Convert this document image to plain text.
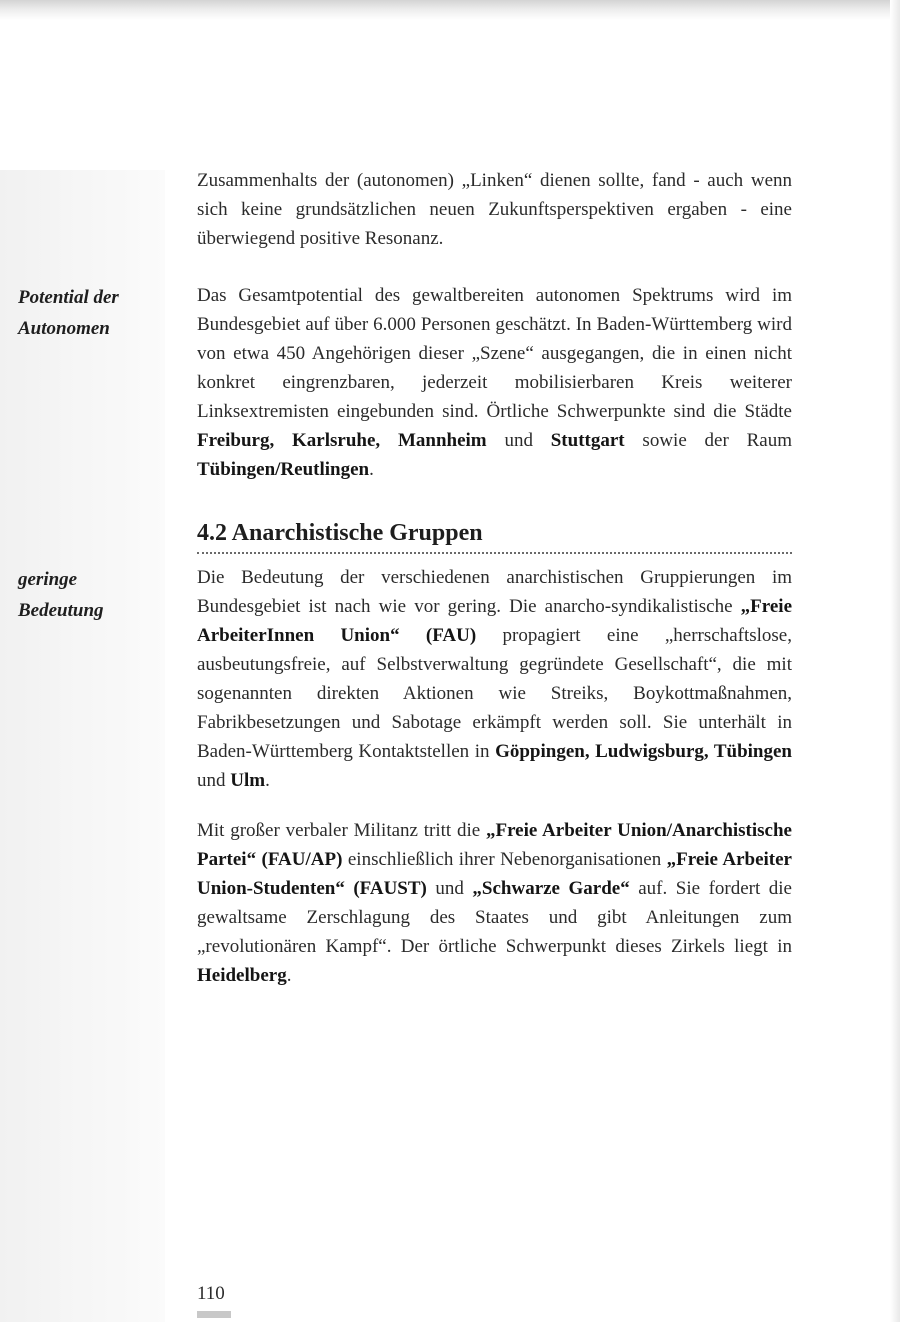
Zusammenhalts der (autonomen) „Linken“ dienen sollte, fand - auch wenn sich keine grundsätzlichen neuen Zukunftsperspektiven ergaben - eine überwiegend positive Resonanz.

Potential der
Autonomen

Das Gesamtpotential des gewaltbereiten autonomen Spektrums wird im Bundesgebiet auf über 6.000 Personen geschätzt. In Baden-Württemberg wird von etwa 450 Angehörigen dieser „Szene“ ausgegangen, die in einen nicht konkret eingrenzbaren, jederzeit mobilisierbaren Kreis weiterer Linksextremisten eingebunden sind. Örtliche Schwerpunkte sind die Städte Freiburg, Karlsruhe, Mannheim und Stuttgart sowie der Raum Tübingen/Reutlingen.

4.2 Anarchistische Gruppen
geringe
Bedeutung

Die Bedeutung der verschiedenen anarchistischen Gruppierungen im Bundesgebiet ist nach wie vor gering. Die anarcho-syndikalistische „Freie ArbeiterInnen Union“ (FAU) propagiert eine „herrschaftslose, ausbeutungsfreie, auf Selbstverwaltung gegründete Gesellschaft“, die mit sogenannten direkten Aktionen wie Streiks, Boykottmaßnahmen, Fabrikbesetzungen und Sabotage erkämpft werden soll. Sie unterhält in Baden-Württemberg Kontaktstellen in Göppingen, Ludwigsburg, Tübingen und Ulm.

Mit großer verbaler Militanz tritt die „Freie Arbeiter Union/Anarchistische Partei“ (FAU/AP) einschließlich ihrer Nebenorganisationen „Freie Arbeiter Union-Studenten“ (FAUST) und „Schwarze Garde“ auf. Sie fordert die gewaltsame Zerschlagung des Staates und gibt Anleitungen zum „revolutionären Kampf“. Der örtliche Schwerpunkt dieses Zirkels liegt in Heidelberg.

110
